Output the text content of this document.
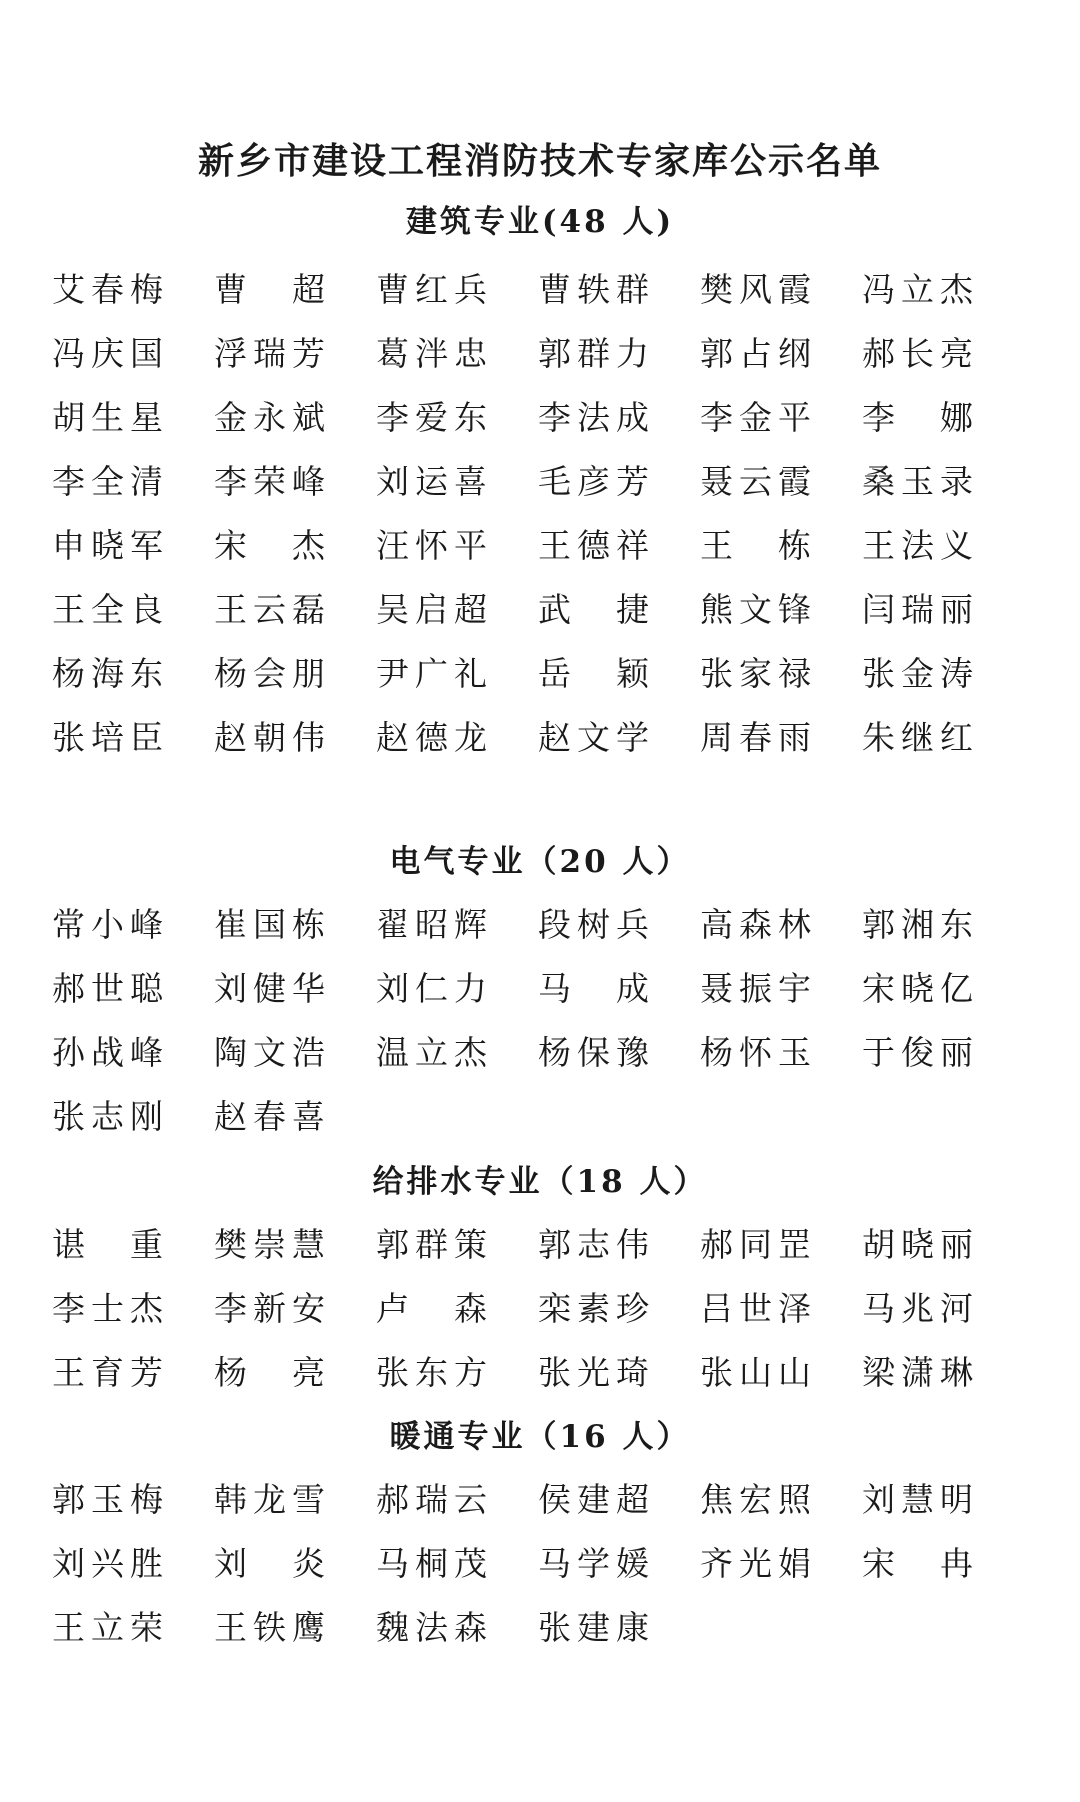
新乡市建设工程消防技术专家库公示名单
建筑专业(48 人)
艾春梅	曹　超	曹红兵	曹轶群	樊风霞	冯立杰
冯庆国	浮瑞芳	葛泮忠	郭群力	郭占纲	郝长亮
胡生星	金永斌	李爱东	李法成	李金平	李　娜
李全清	李荣峰	刘运喜	毛彦芳	聂云霞	桑玉录
申晓军	宋　杰	汪怀平	王德祥	王　栋	王法义
王全良	王云磊	吴启超	武　捷	熊文锋	闫瑞丽
杨海东	杨会朋	尹广礼	岳　颖	张家禄	张金涛
张培臣	赵朝伟	赵德龙	赵文学	周春雨	朱继红
电气专业（20 人）
常小峰	崔国栋	翟昭辉	段树兵	高森林	郭湘东
郝世聪	刘健华	刘仁力	马　成	聂振宇	宋晓亿
孙战峰	陶文浩	温立杰	杨保豫	杨怀玉	于俊丽
张志刚	赵春喜
给排水专业（18 人）
谌　重	樊崇慧	郭群策	郭志伟	郝同罡	胡晓丽
李士杰	李新安	卢　森	栾素珍	吕世泽	马兆河
王育芳	杨　亮	张东方	张光琦	张山山	梁潇琳
暖通专业（16 人）
郭玉梅	韩龙雪	郝瑞云	侯建超	焦宏照	刘慧明
刘兴胜	刘　炎	马桐茂	马学媛	齐光娟	宋　冉
王立荣	王铁鹰	魏法森	张建康
